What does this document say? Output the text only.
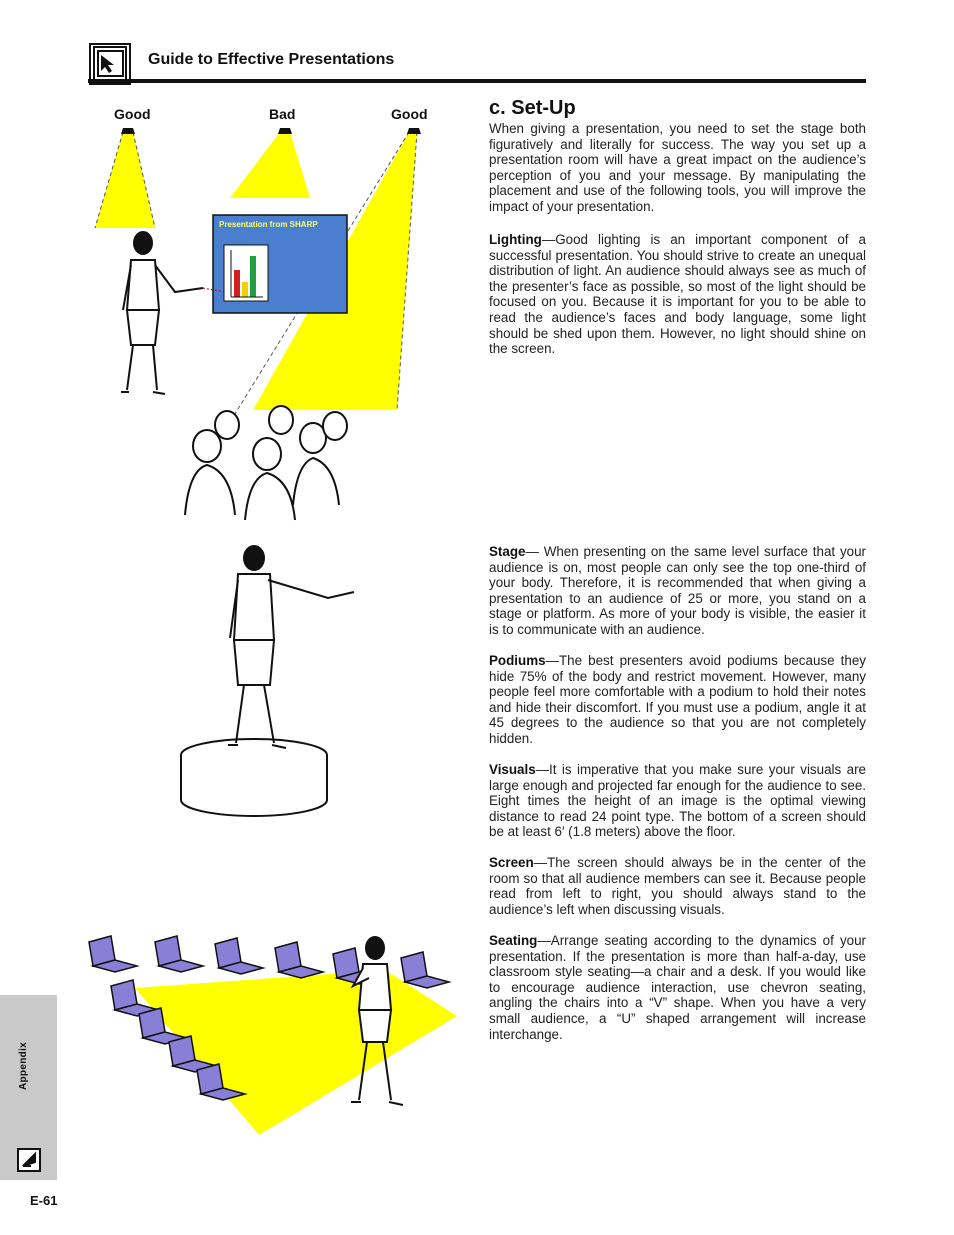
Guide to Effective Presentations
c. Set-Up
When giving a presentation, you need to set the stage both figuratively and literally for success. The way you set up a presentation room will have a great impact on the audience’s perception of you and your message. By manipulating the placement and use of the following tools, you will improve the impact of your presentation.
Lighting—Good lighting is an important component of a successful presentation. You should strive to create an unequal distribution of light. An audience should always see as much of the presenter’s face as possible, so most of the light should be focused on you. Because it is important for you to be able to read the audience’s faces and body language, some light should be shed upon them. However, no light should shine on the screen.
Stage— When presenting on the same level surface that your audience is on, most people can only see the top one-third of your body. Therefore, it is recommended that when giving a presentation to an audience of 25 or more, you stand on a stage or platform. As more of your body is visible, the easier it is to communicate with an audience.
Podiums—The best presenters avoid podiums because they hide 75% of the body and restrict movement. However, many people feel more comfortable with a podium to hold their notes and hide their discomfort. If you must use a podium, angle it at 45 degrees to the audience so that you are not completely hidden.
Visuals—It is imperative that you make sure your visuals are large enough and projected far enough for the audience to see. Eight times the height of an image is the optimal viewing distance to read 24 point type. The bottom of a screen should be at least 6′ (1.8 meters) above the floor.
Screen—The screen should always be in the center of the room so that all audience members can see it. Because people read from left to right, you should always stand to the audience’s left when discussing visuals.
Seating—Arrange seating according to the dynamics of your presentation. If the presentation is more than half-a-day, use classroom style seating—a chair and a desk. If you would like to encourage audience interaction, use chevron seating, angling the chairs into a “V” shape. When you have a very small audience, a “U” shaped arrangement will increase interchange.
Good	Bad	Good
Presentation from SHARP
Appendix
E-61
